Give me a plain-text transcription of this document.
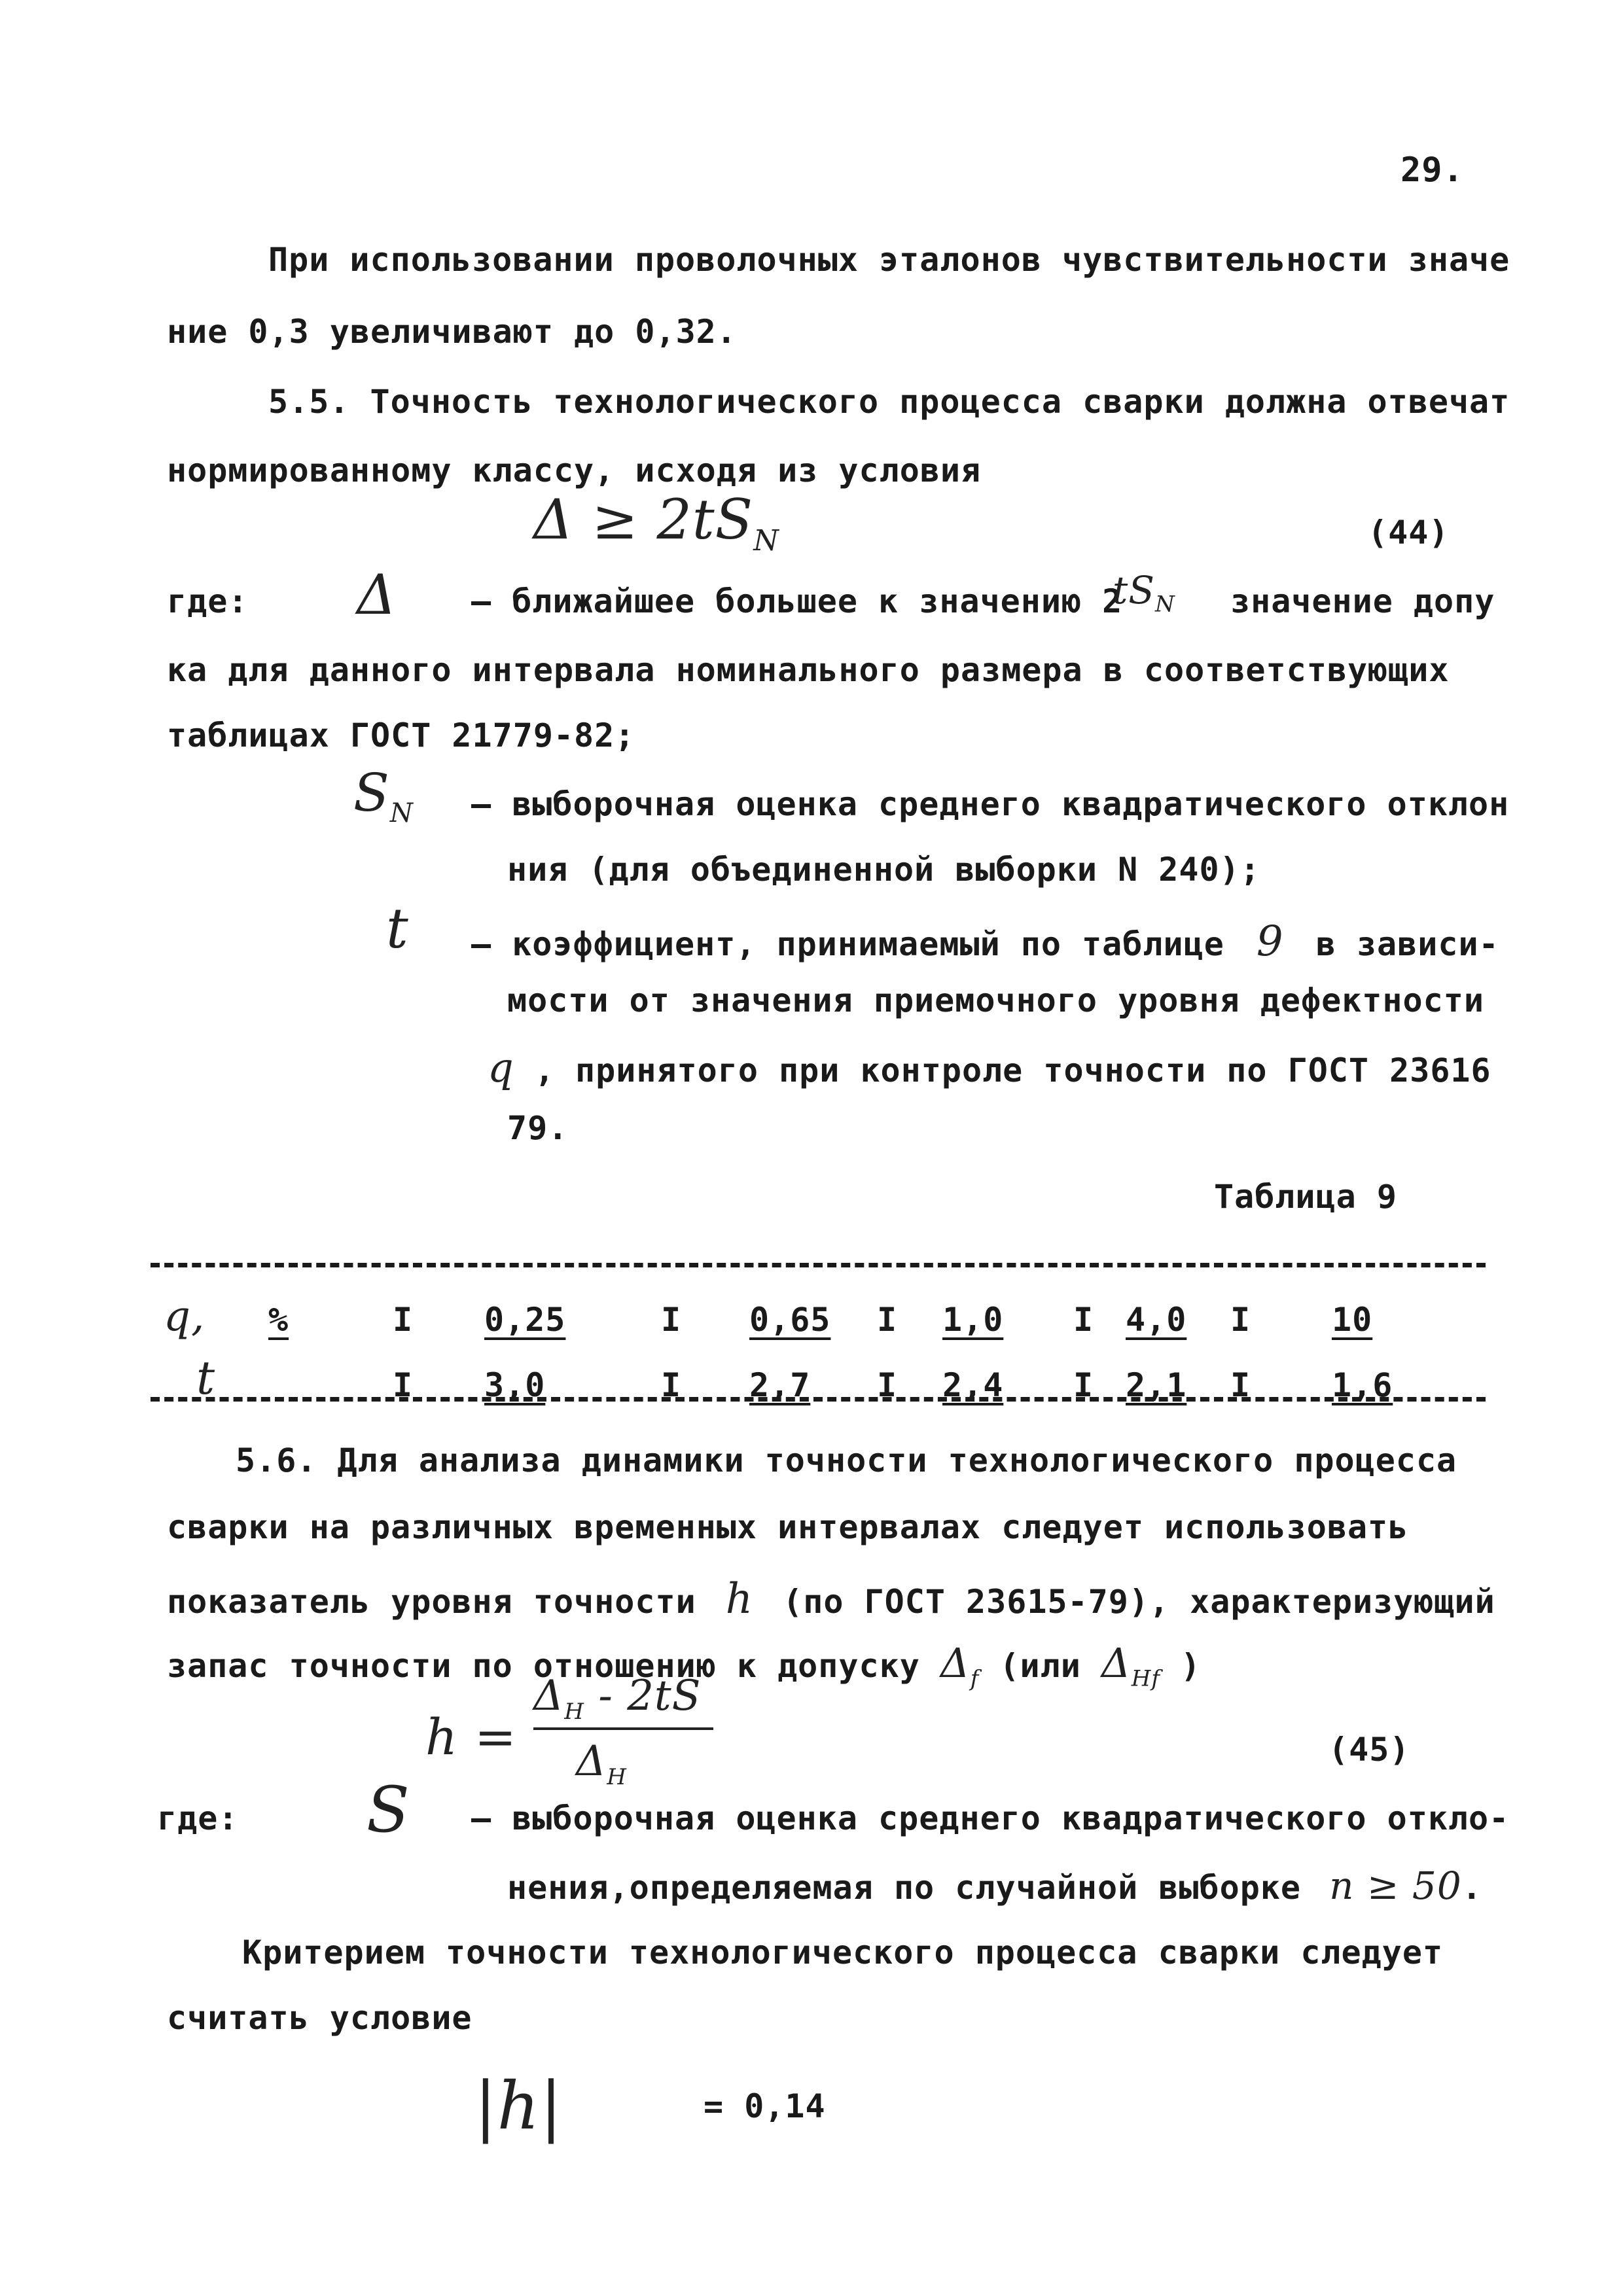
29.
При использовании проволочных эталонов чувствительности значе
ние 0,3 увеличивают до 0,32.
5.5. Точность технологического процесса сварки должна отвечат
нормированному классу, исходя из условия
$\Delta \ge 2tS_N$	(44)
где: Δ – ближайшее большее к значению 2
$tS_N$ значение допу
ка для данного интервала номинального размера в соответствующих
таблицах ГОСТ 21779-82;
$S_N$ – выборочная оценка среднего квадратического отклон
ния (для объединенной выборки N 240);
t – коэффициент, принимаемый по таблице 9 в зависи-
мости от значения приемочного уровня дефектности
q , принятого при контроле точности по ГОСТ 23616
79.
Таблица 9
q, %	I 0,25	I 0,65 I 1,0 I 4,0 I 10
t	I 3,0	I 2,7 I 2,4 I 2,1 I 1,6
5.6. Для анализа динамики точности технологического процесса
сварки на различных временных интервалах следует использовать
показатель уровня точности h (по ГОСТ 23615-79), характеризующий
запас точности по отношению к допуску $\Delta_f$ (или $\Delta_{Hf}$ )
h =
$\Delta_H - 2tS$
$\Delta_H$
(45)
где: S – выборочная оценка среднего квадратического откло-
нения,определяемая по случайной выборке n ≥ 50.
Критерием точности технологического процесса сварки следует
считать условие
|h|	= 0,14
